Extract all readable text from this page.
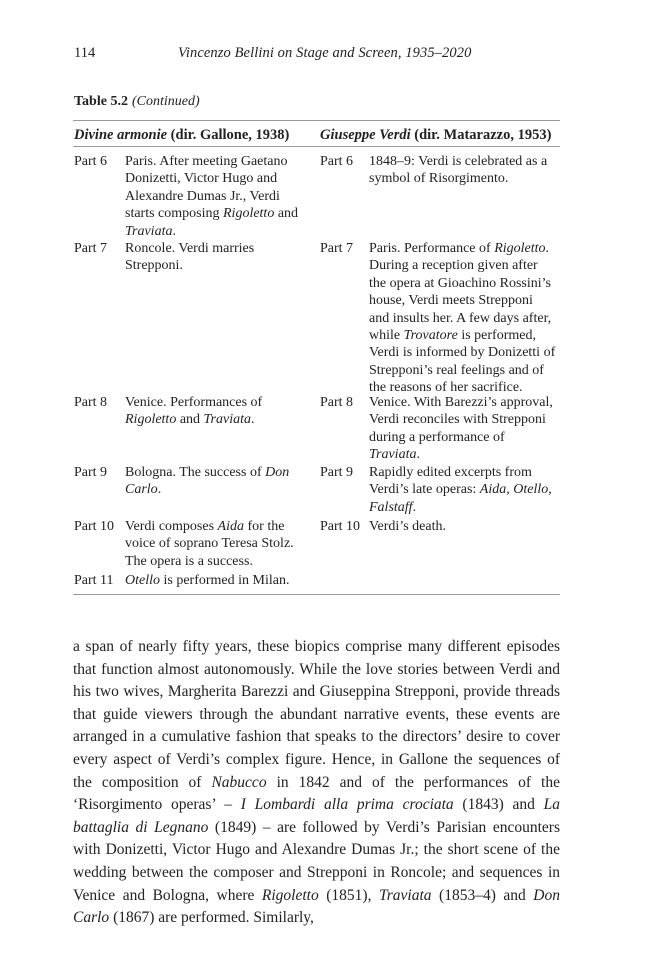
114	Vincenzo Bellini on Stage and Screen, 1935–2020
Table 5.2 (Continued)
Divine armonie (dir. Gallone, 1938) Giuseppe Verdi (dir. Matarazzo, 1953)
Part 6 Paris. After meeting Gaetano
Donizetti, Victor Hugo and
Alexandre Dumas Jr., Verdi
starts composing Rigoletto and
Traviata.
Part 7 Roncole. Verdi marries
Strepponi.
Part 8 Venice. Performances of
Rigoletto and Traviata.
Part 9 Bologna. The success of Don
Carlo.
Part 10 Verdi composes Aida for the
voice of soprano Teresa Stolz.
The opera is a success.
Part 11 Otello is performed in Milan.
Part 6 1848–9: Verdi is celebrated as a
symbol of Risorgimento.
Part 7 Paris. Performance of Rigoletto.
During a reception given after
the opera at Gioachino Rossini’s
house, Verdi meets Strepponi
and insults her. A few days after,
while Trovatore is performed,
Verdi is informed by Donizetti of
Strepponi’s real feelings and of
the reasons of her sacrifice.
Part 8 Venice. With Barezzi’s approval,
Verdi reconciles with Strepponi
during a performance of
Traviata.
Part 9 Rapidly edited excerpts from
Verdi’s late operas: Aida, Otello,
Falstaff.
Part 10 Verdi’s death.
a span of nearly fifty years, these biopics comprise many different episodes that function almost autonomously. While the love stories between Verdi and his two wives, Margherita Barezzi and Giuseppina Strepponi, provide threads that guide viewers through the abundant narrative events, these events are arranged in a cumulative fashion that speaks to the directors’ desire to cover every aspect of Verdi’s complex figure. Hence, in Gallone the sequences of the composition of Nabucco in 1842 and of the performances of the ‘Risorgimento operas’ – I Lombardi alla prima crociata (1843) and La battaglia di Legnano (1849) – are followed by Verdi’s Parisian encounters with Donizetti, Victor Hugo and Alexandre Dumas Jr.; the short scene of the wedding between the composer and Strepponi in Roncole; and sequences in Venice and Bologna, where Rigoletto (1851), Traviata (1853–4) and Don Carlo (1867) are performed. Similarly,
